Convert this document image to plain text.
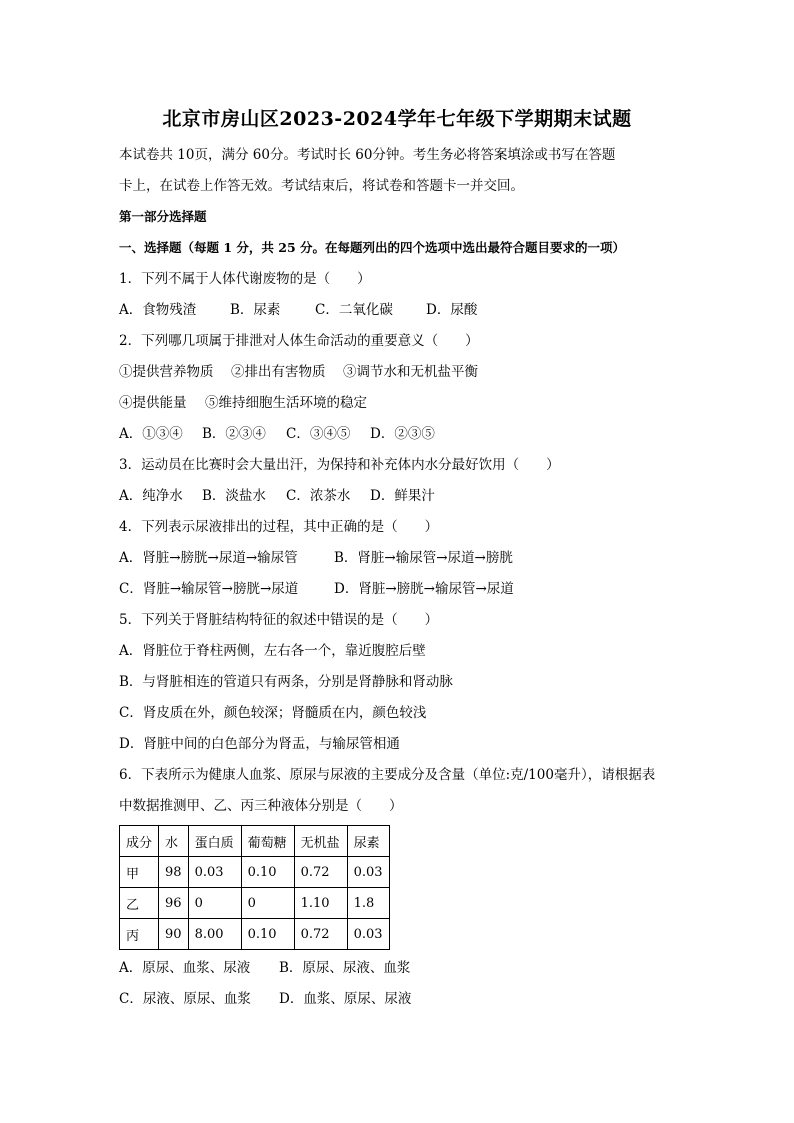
北京市房山区2023-2024学年七年级下学期期末试题
本试卷共 10页，满分 60分。考试时长 60分钟。考生务必将答案填涂或书写在答题
卡上，在试卷上作答无效。考试结束后，将试卷和答题卡一并交回。
第一部分选择题
一、选择题（每题 1 分，共 25 分。在每题列出的四个选项中选出最符合题目要求的一项）
1．下列不属于人体代谢废物的是（　　）
A．食物残渣	B．尿素	C．二氧化碳 D．尿酸
2．下列哪几项属于排泄对人体生命活动的重要意义（　　）
①提供营养物质 ②排出有害物质 ③调节水和无机盐平衡
④提供能量 ⑤维持细胞生活环境的稳定
A．①③④ B．②③④ C．③④⑤ D．②③⑤
3．运动员在比赛时会大量出汗，为保持和补充体内水分最好饮用（　　）
A．纯净水 B．淡盐水 C．浓茶水 D．鲜果汁
4．下列表示尿液排出的过程，其中正确的是（　　）
A．肾脏→膀胱→尿道→输尿管	B．肾脏→输尿管→尿道→膀胱
C．肾脏→输尿管→膀胱→尿道	D．肾脏→膀胱→输尿管→尿道
5．下列关于肾脏结构特征的叙述中错误的是（　　）
A．肾脏位于脊柱两侧，左右各一个，靠近腹腔后壁
B．与肾脏相连的管道只有两条，分别是肾静脉和肾动脉
C．肾皮质在外，颜色较深；肾髓质在内，颜色较浅
D．肾脏中间的白色部分为肾盂，与输尿管相通
6．下表所示为健康人血浆、原尿与尿液的主要成分及含量（单位:克/100毫升），请根据表
中数据推测甲、乙、丙三种液体分别是（　　）
成分	水	蛋白质	葡萄糖	无机盐	尿素
甲	98	0.03	0.10	0.72	0.03
乙	96	0	0	1.10	1.8
丙	90	8.00	0.10	0.72	0.03
A．原尿、血浆、尿液 B．原尿、尿液、血浆
C．尿液、原尿、血浆 D．血浆、原尿、尿液
